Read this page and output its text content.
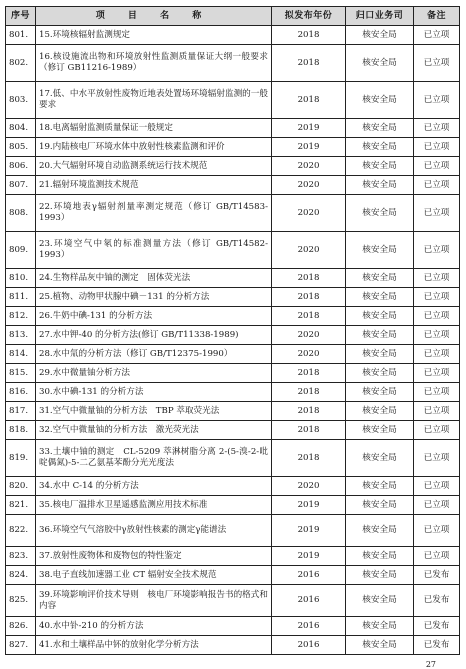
序号	项 目 名 称	拟发布年份	归口业务司	备注
801.	15.环境核辐射监测规定	2018	核安全局	已立项
802.	16.核设施流出物和环境放射性监测质量保证大纲一般要求（修订 GB11216-1989）	2018	核安全局	已立项
803.	17.低、中水平放射性废物近地表处置场环境辐射监测的一般要求	2018	核安全局	已立项
804.	18.电离辐射监测质量保证一般规定	2019	核安全局	已立项
805.	19.内陆核电厂环境水体中放射性核素监测和评价	2019	核安全局	已立项
806.	20.大气辐射环境自动监测系统运行技术规范	2020	核安全局	已立项
807.	21.辐射环境监测技术规范	2020	核安全局	已立项
808.	22.环境地表γ辐射剂量率测定规范（修订 GB/T14583-1993）	2020	核安全局	已立项
809.	23.环境空气中氡的标准测量方法（修订 GB/T14582-1993）	2020	核安全局	已立项
810.	24.生物样品灰中铀的测定　固体荧光法	2018	核安全局	已立项
811.	25.植物、动物甲状腺中碘－131 的分析方法	2018	核安全局	已立项
812.	26.牛奶中碘-131 的分析方法	2018	核安全局	已立项
813.	27.水中钾-40 的分析方法(修订 GB/T11338-1989)	2020	核安全局	已立项
814.	28.水中氚的分析方法（修订 GB/T12375-1990）	2020	核安全局	已立项
815.	29.水中微量铀分析方法	2018	核安全局	已立项
816.	30.水中碘-131 的分析方法	2018	核安全局	已立项
817.	31.空气中微量铀的分析方法　TBP 萃取荧光法	2018	核安全局	已立项
818.	32.空气中微量铀的分析方法　激光荧光法	2018	核安全局	已立项
819.	33.土壤中铀的测定　CL-5209 萃淋树脂分离 2-(5-溴-2-吡啶偶氮)-5-二乙氨基苯酚分光光度法	2018	核安全局	已立项
820.	34.水中 C-14 的分析方法	2020	核安全局	已立项
821.	35.核电厂温排水卫星遥感监测应用技术标准	2019	核安全局	已立项
822.	36.环境空气气溶胶中γ放射性核素的测定γ能谱法	2019	核安全局	已立项
823.	37.放射性废物体和废物包的特性鉴定	2019	核安全局	已立项
824.	38.电子直线加速器工业 CT 辐射安全技术规范	2016	核安全局	已发布
825.	39.环境影响评价技术导则　核电厂环境影响报告书的格式和内容	2016	核安全局	已发布
826.	40.水中钋-210 的分析方法	2016	核安全局	已发布
827.	41.水和土壤样品中钚的放射化学分析方法	2016	核安全局	已发布
27
